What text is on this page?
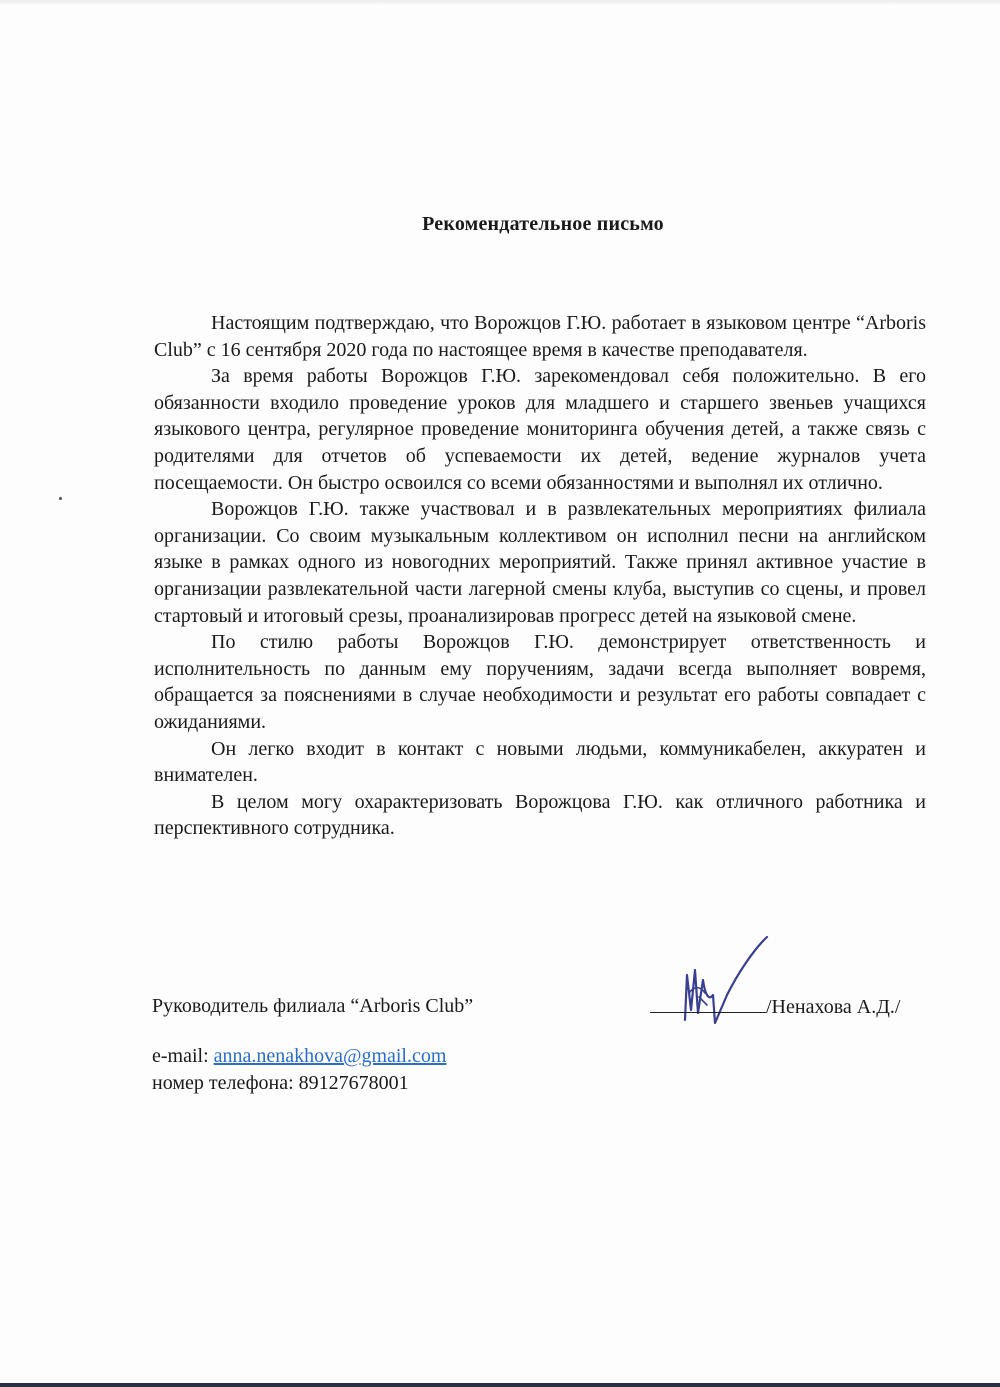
Рекомендательное письмо

Настоящим подтверждаю, что Ворожцов Г.Ю. работает в языковом центре “Arboris Club” с 16 сентября 2020 года по настоящее время в качестве преподавателя.

За время работы Ворожцов Г.Ю. зарекомендовал себя положительно. В его обязанности входило проведение уроков для младшего и старшего звеньев учащихся языкового центра, регулярное проведение мониторинга обучения детей, а также связь с родителями для отчетов об успеваемости их детей, ведение журналов учета посещаемости. Он быстро освоился со всеми обязанностями и выполнял их отлично.

Ворожцов Г.Ю. также участвовал и в развлекательных мероприятиях филиала организации. Со своим музыкальным коллективом он исполнил песни на английском языке в рамках одного из новогодних мероприятий. Также принял активное участие в организации развлекательной части лагерной смены клуба, выступив со сцены, и провел стартовый и итоговый срезы, проанализировав прогресс детей на языковой смене.

По стилю работы Ворожцов Г.Ю. демонстрирует ответственность и исполнительность по данным ему поручениям, задачи всегда выполняет вовремя, обращается за пояснениями в случае необходимости и результат его работы совпадает с ожиданиями.

Он легко входит в контакт с новыми людьми, коммуникабелен, аккуратен и внимателен.

В целом могу охарактеризовать Ворожцова Г.Ю. как отличного работника и перспективного сотрудника.

Руководитель филиала “Arboris Club”	/Ненахова А.Д./
e-mail: anna.nenakhova@gmail.com
номер телефона: 89127678001
